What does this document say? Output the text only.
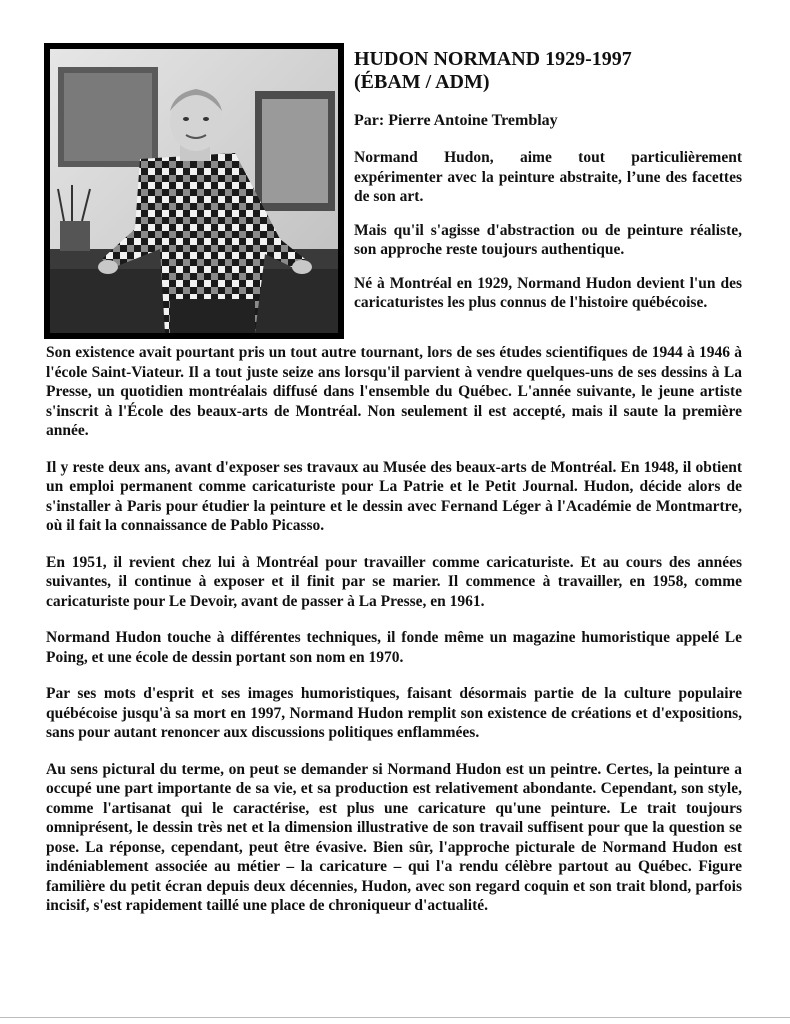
HUDON NORMAND 1929-1997
(ÉBAM / ADM)

Par: Pierre Antoine Tremblay

Normand Hudon, aime tout particulièrement expérimenter avec la peinture abstraite, l’une des facettes de son art.

Mais qu'il s'agisse d'abstraction ou de peinture réaliste, son approche reste toujours authentique.

Né à Montréal en 1929, Normand Hudon devient l'un des caricaturistes les plus connus de l'histoire québécoise.

Son existence avait pourtant pris un tout autre tournant, lors de ses études scientifiques de 1944 à 1946 à l'école Saint-Viateur. Il a tout juste seize ans lorsqu'il parvient à vendre quelques-uns de ses dessins à La Presse, un quotidien montréalais diffusé dans l'ensemble du Québec. L'année suivante, le jeune artiste s'inscrit à l'École des beaux-arts de Montréal. Non seulement il est accepté, mais il saute la première année.

Il y reste deux ans, avant d'exposer ses travaux au Musée des beaux-arts de Montréal. En 1948, il obtient un emploi permanent comme caricaturiste pour La Patrie et le Petit Journal. Hudon, décide alors de s'installer à Paris pour étudier la peinture et le dessin avec Fernand Léger à l'Académie de Montmartre, où il fait la connaissance de Pablo Picasso.

En 1951, il revient chez lui à Montréal pour travailler comme caricaturiste. Et au cours des années suivantes, il continue à exposer et il finit par se marier. Il commence à travailler, en 1958, comme caricaturiste pour Le Devoir, avant de passer à La Presse, en 1961.

Normand Hudon touche à différentes techniques, il fonde même un magazine humoristique appelé Le Poing, et une école de dessin portant son nom en 1970.

Par ses mots d'esprit et ses images humoristiques, faisant désormais partie de la culture populaire québécoise jusqu'à sa mort en 1997, Normand Hudon remplit son existence de créations et d'expositions, sans pour autant renoncer aux discussions politiques enflammées.

Au sens pictural du terme, on peut se demander si Normand Hudon est un peintre. Certes, la peinture a occupé une part importante de sa vie, et sa production est relativement abondante. Cependant, son style, comme l'artisanat qui le caractérise, est plus une caricature qu'une peinture. Le trait toujours omniprésent, le dessin très net et la dimension illustrative de son travail suffisent pour que la question se pose. La réponse, cependant, peut être évasive. Bien sûr, l'approche picturale de Normand Hudon est indéniablement associée au métier – la caricature – qui l'a rendu célèbre partout au Québec. Figure familière du petit écran depuis deux décennies, Hudon, avec son regard coquin et son trait blond, parfois incisif, s'est rapidement taillé une place de chroniqueur d'actualité.
